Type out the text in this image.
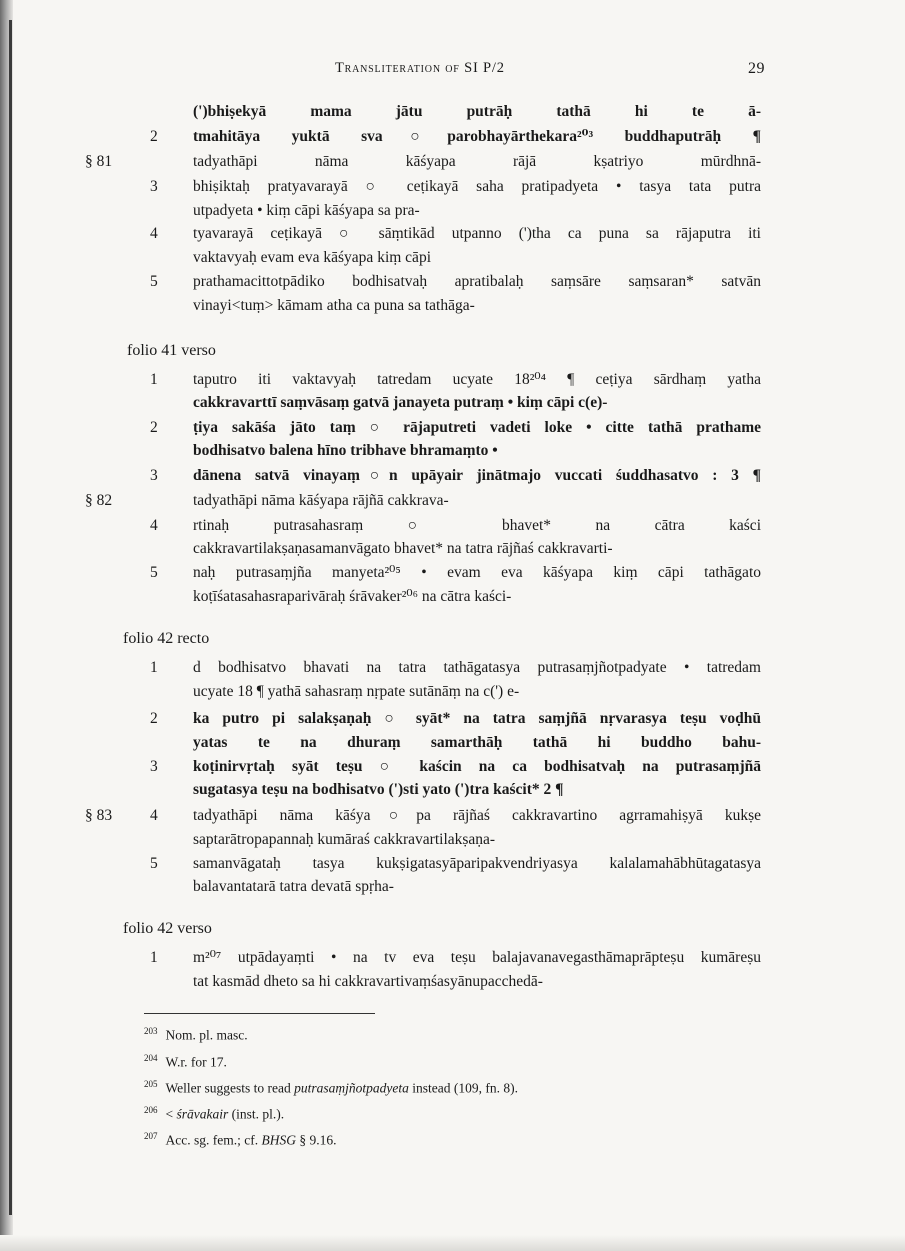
Transliteration of SI P/2	29
(')bhiṣekyā mama jātu putrāḥ tathā hi te ā-
2 tmahitāya yuktā sva○parobhayārthekara²⁰³ buddhaputrāḥ ¶
§ 81	tadyathāpi nāma kāśyapa rājā kṣatriyo mūrdhnā-
3 bhiṣiktaḥ pratyavarayā ○ ceṭikayā saha pratipadyeta • tasya tata putra
utpadyeta • kiṃ cāpi kāśyapa sa pra-
4 tyavarayā ceṭikayā ○ sāṃtikād utpanno (')tha ca puna sa rājaputra iti
vaktavyaḥ evam eva kāśyapa kiṃ cāpi
5 prathamacittotpādiko bodhisatvaḥ apratibalaḥ saṃsāre saṃsaran* satvān
vinayi<tuṃ> kāmam atha ca puna sa tathāga-
folio 41 verso
1 taputro iti vaktavyaḥ tatredam ucyate 18²⁰⁴ ¶ ceṭiya sārdhaṃ yatha
cakkravarttī saṃvāsaṃ gatvā janayeta putraṃ • kiṃ cāpi c(e)-
2 ṭiya sakāśa jāto taṃ ○ rājaputreti vadeti loke • citte tathā prathame
bodhisatvo balena hīno tribhave bhramaṃto •
3 dānena satvā vinayaṃ○n upāyair jinātmajo vuccati śuddhasatvo : 3 ¶
§ 82	tadyathāpi nāma kāśyapa rājñā cakkrava-
4 rtinaḥ putrasahasraṃ ○ bhavet* na cātra kaści
cakkravartilakṣaṇasamanvāgato bhavet* na tatra rājñaś cakkravarti-
5 naḥ putrasaṃjña manyeta²⁰⁵ • evam eva kāśyapa kiṃ cāpi tathāgato
koṭīśatasahasraparivāraḥ śrāvaker²⁰⁶ na cātra kaści-
folio 42 recto
1 d bodhisatvo bhavati na tatra tathāgatasya putrasaṃjñotpadyate • tatredam
ucyate 18 ¶ yathā sahasraṃ nṛpate sutānāṃ na c(') e-
2 ka putro pi salakṣaṇaḥ ○ syāt* na tatra saṃjñā nṛvarasya teṣu voḍhū
yatas te na dhuraṃ samarthāḥ tathā hi buddho bahu-
3 koṭinirvṛtaḥ syāt teṣu ○ kaścin na ca bodhisatvaḥ na putrasaṃjñā
sugatasya teṣu na bodhisatvo (')sti yato (')tra kaścit* 2 ¶
§ 83 4 tadyathāpi nāma kāśya○pa rājñaś cakkravartino agrramahiṣyā kukṣe
saptarātropapannaḥ kumāraś cakkravartilakṣaṇa-
5 samanvāgataḥ tasya kukṣigatasyāparipakvendriyasya kalalamahābhūtagatasya
balavantatarā tatra devatā spṛha-
folio 42 verso
1 m²⁰⁷ utpādayaṃti • na tv eva teṣu balajavanavegasthāmaprāpteṣu kumāreṣu
tat kasmād dheto sa hi cakkravartivaṃśasyānupacchedā-
$^{203}$ Nom. pl. masc.
$^{204}$ W.r. for 17.
$^{205}$ Weller suggests to read putrasaṃjñotpadyeta instead (109, fn. 8).
$^{206}$ < śrāvakair (inst. pl.).
$^{207}$ Acc. sg. fem.; cf. BHSG § 9.16.
